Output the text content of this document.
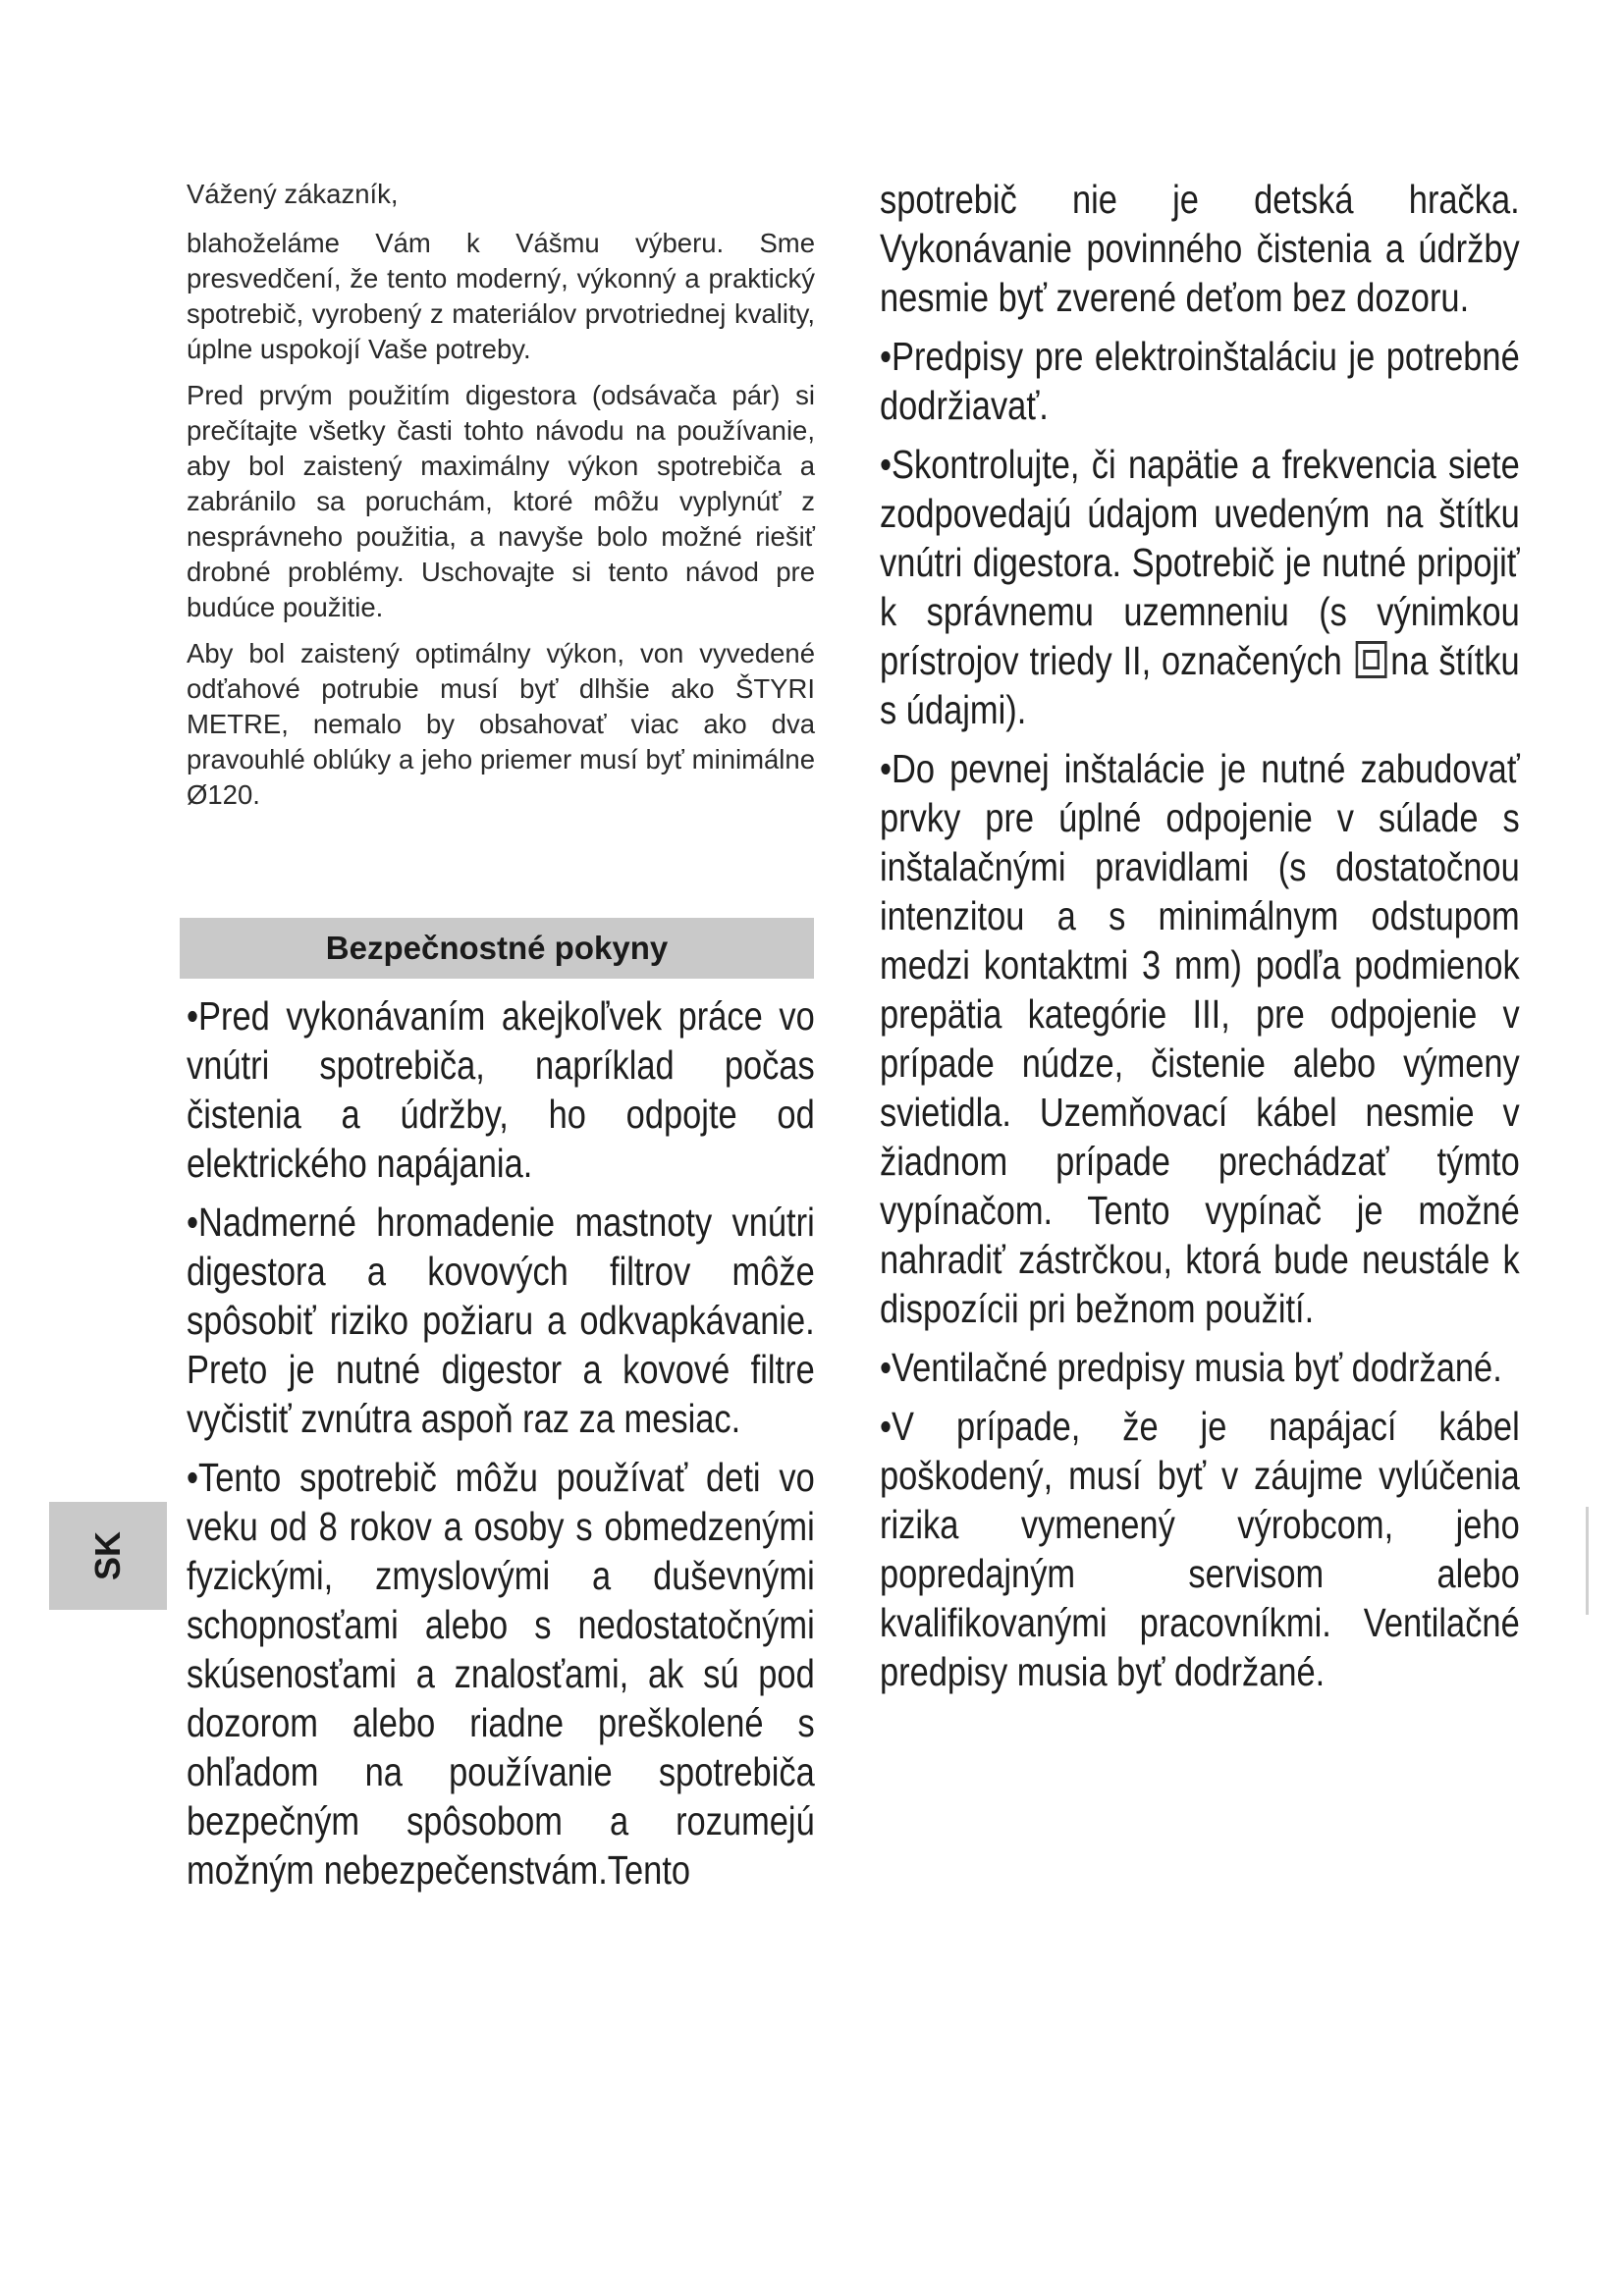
Vážený zákazník,

blahoželáme Vám k Vášmu výberu. Sme presvedčení, že tento moderný, výkonný a praktický spotrebič, vyrobený z materiálov prvotriednej kvality, úplne uspokojí Vaše potreby.

Pred prvým použitím digestora (odsávača pár) si prečítajte všetky časti tohto návodu na používanie, aby bol zaistený maximálny výkon spotrebiča a zabránilo sa poruchám, ktoré môžu vyplynúť z nesprávneho použitia, a navyše bolo možné riešiť drobné problémy. Uschovajte si tento návod pre budúce použitie.

Aby bol zaistený optimálny výkon, von vyvedené odťahové potrubie musí byť dlhšie ako ŠTYRI METRE, nemalo by obsahovať viac ako dva pravouhlé oblúky a jeho priemer musí byť minimálne Ø120.

Bezpečnostné pokyny

•Pred vykonávaním akejkoľvek práce vo vnútri spotrebiča, napríklad počas čistenia a údržby, ho odpojte od elektrického napájania.

•Nadmerné hromadenie mastnoty vnútri digestora a kovových filtrov môže spôsobiť riziko požiaru a odkvapkávanie. Preto je nutné digestor a kovové filtre vyčistiť zvnútra aspoň raz za mesiac.

•Tento spotrebič môžu používať deti vo veku od 8 rokov a osoby s obmedzenými fyzickými, zmyslovými a duševnými schopnosťami alebo s nedostatočnými skúsenosťami a znalosťami, ak sú pod dozorom alebo riadne preškolené s ohľadom na používanie spotrebiča bezpečným spôsobom a rozumejú možným nebezpečenstvám.Tento

spotrebič nie je detská hračka. Vykonávanie povinného čistenia a údržby nesmie byť zverené deťom bez dozoru.

•Predpisy pre elektroinštaláciu je potrebné dodržiavať.

•Skontrolujte, či napätie a frekvencia siete zodpovedajú údajom uvedeným na štítku vnútri digestora. Spotrebič je nutné pripojiť k správnemu uzemneniu (s výnimkou prístrojov triedy II, označených na štítku s údajmi).

•Do pevnej inštalácie je nutné zabudovať prvky pre úplné odpojenie v súlade s inštalačnými pravidlami (s dostatočnou intenzitou a s minimálnym odstupom medzi kontaktmi 3 mm) podľa podmienok prepätia kategórie III, pre odpojenie v prípade núdze, čistenie alebo výmeny svietidla. Uzemňovací kábel nesmie v žiadnom prípade prechádzať týmto vypínačom. Tento vypínač je možné nahradiť zástrčkou, ktorá bude neustále k dispozícii pri bežnom použití.

•Ventilačné predpisy musia byť dodržané.

•V prípade, že je napájací kábel poškodený, musí byť v záujme vylúčenia rizika vymenený výrobcom, jeho popredajným servisom alebo kvalifikovanými pracovníkmi. Ventilačné predpisy musia byť dodržané.

SK
